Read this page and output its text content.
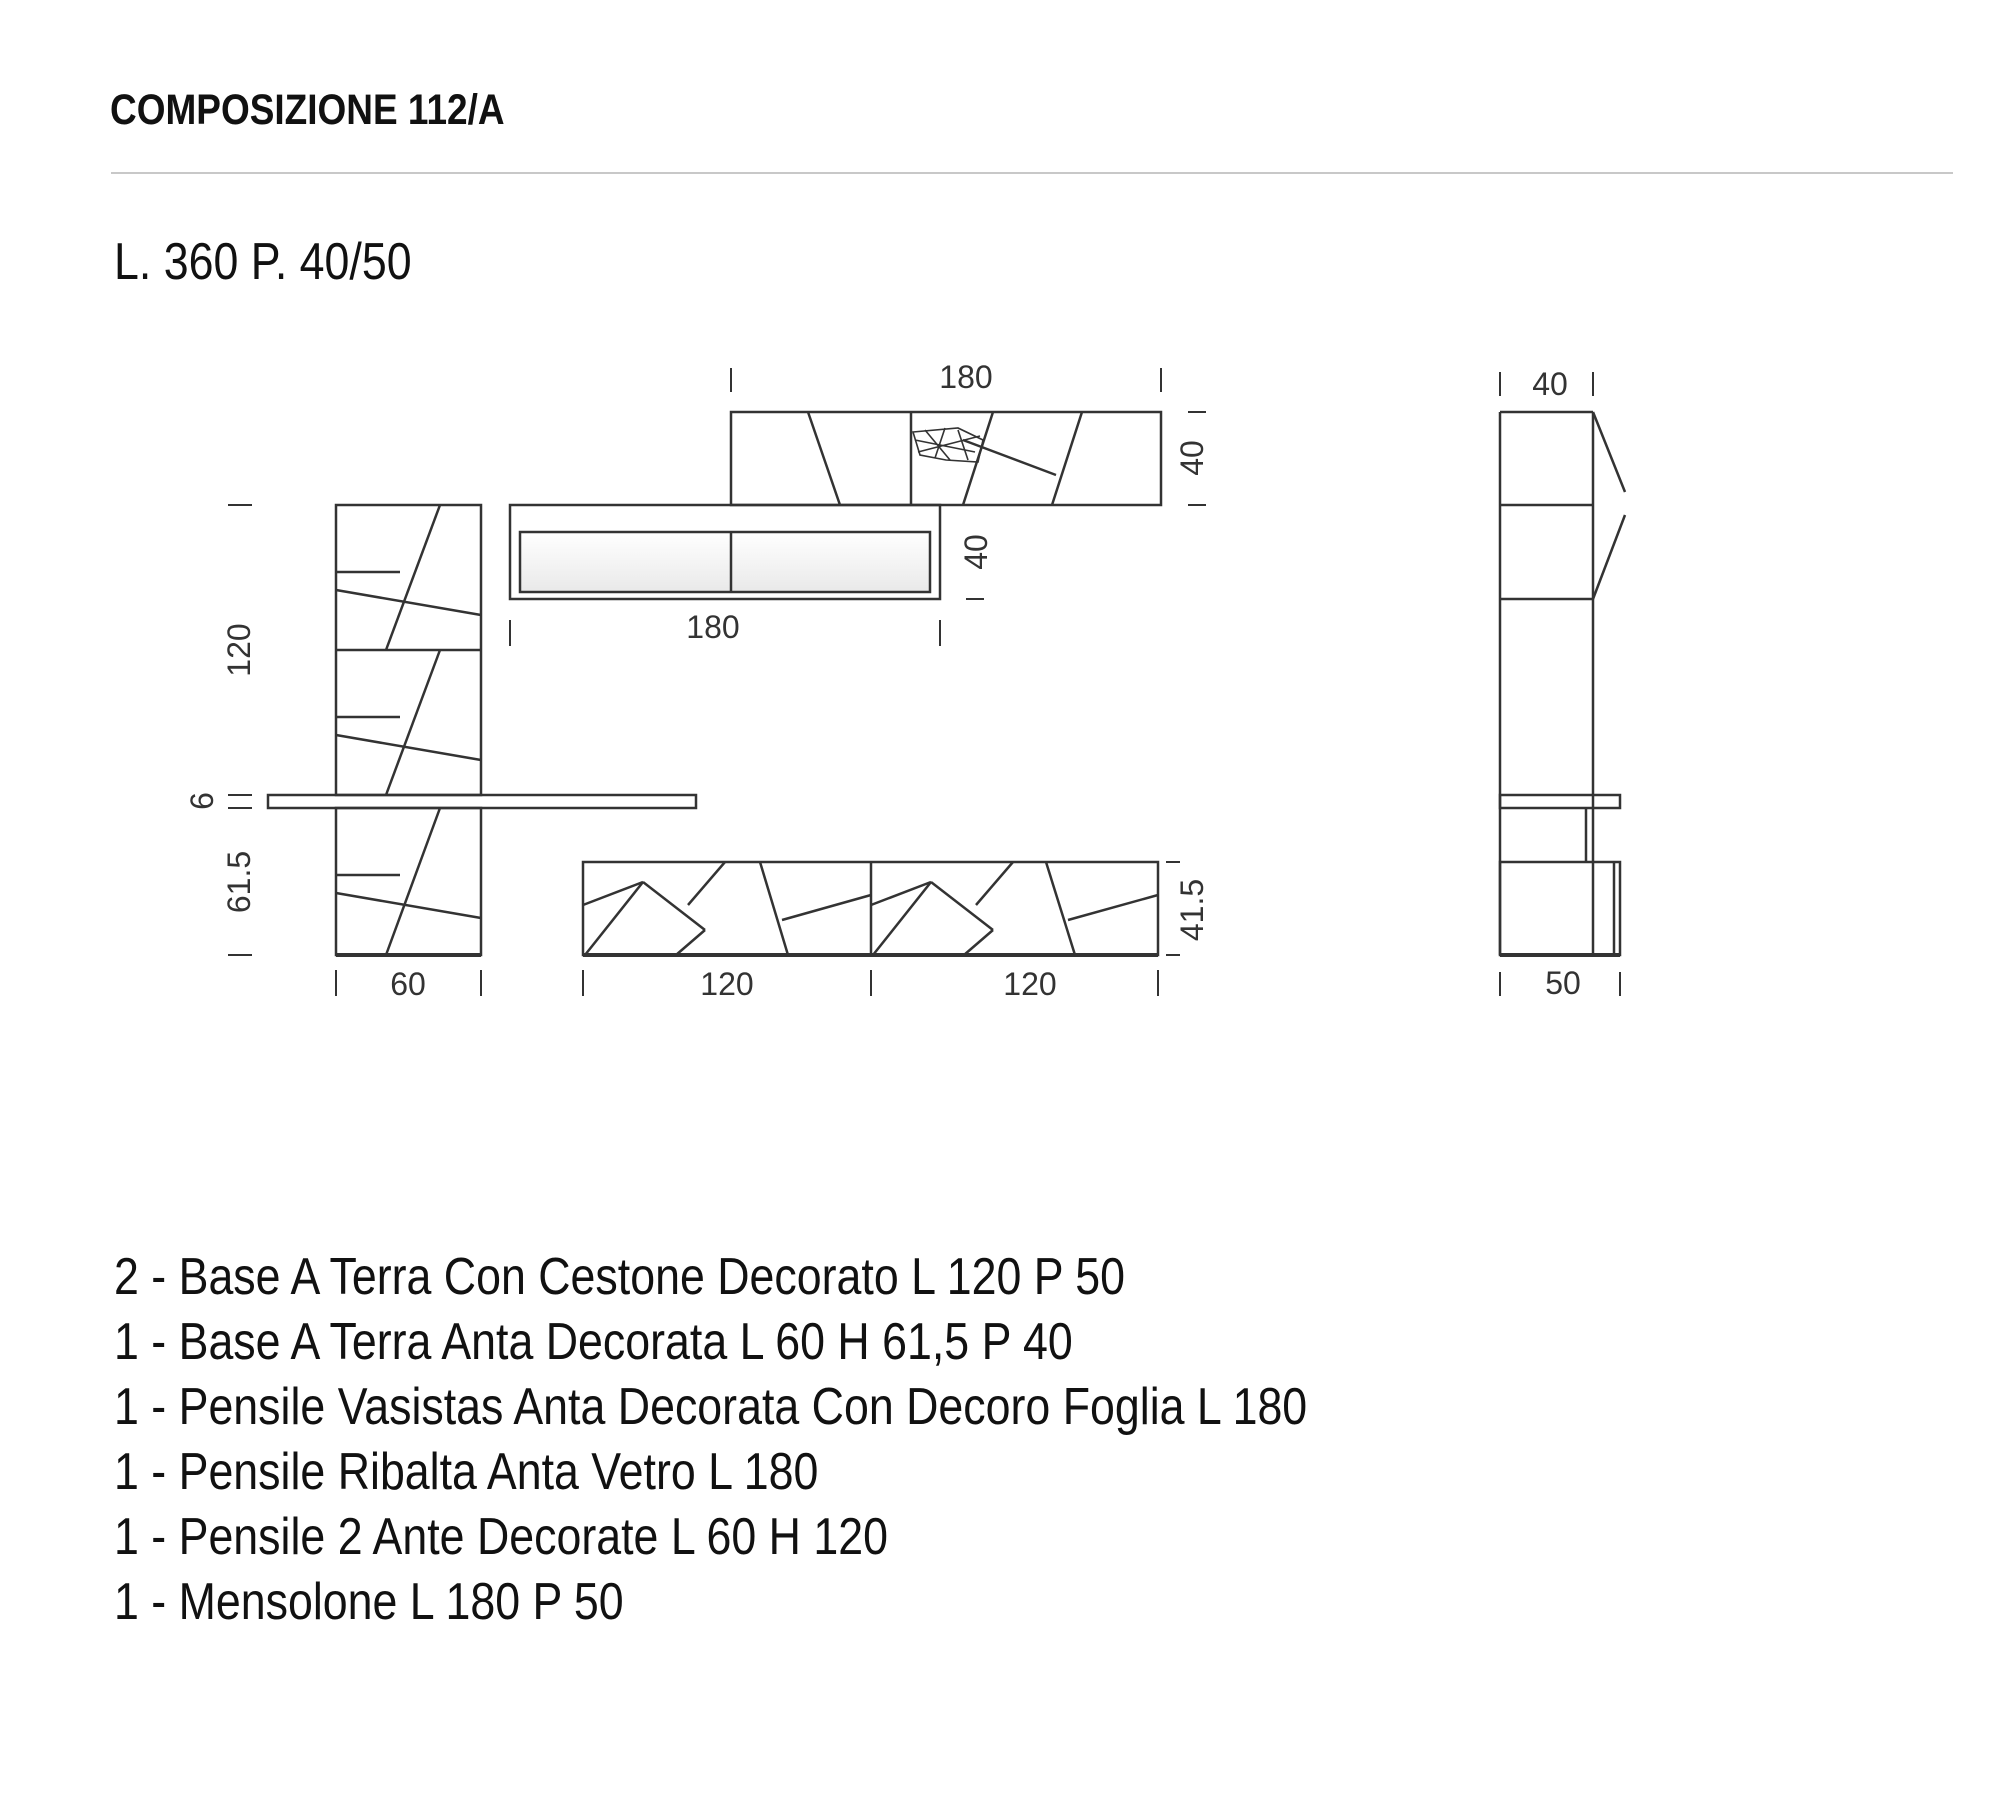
COMPOSIZIONE 112/A
L. 360 P. 40/50
180
40
40
180
120
6
61.5
60	120	120
41.5
40
50
2 - Base A Terra Con Cestone Decorato L 120 P 50
1 - Base A Terra Anta Decorata L 60 H 61,5 P 40
1 - Pensile Vasistas Anta Decorata Con Decoro Foglia L 180
1 - Pensile Ribalta Anta Vetro L 180
1 - Pensile 2 Ante Decorate L 60 H 120
1 - Mensolone L 180 P 50
